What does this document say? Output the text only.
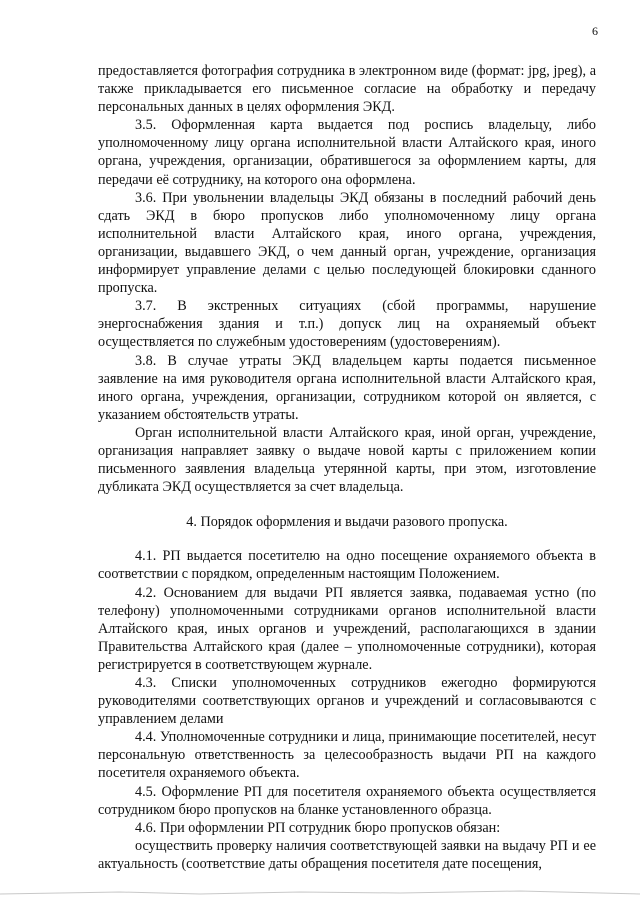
6

предоставляется фотография сотрудника в электронном виде (формат: jpg, jpeg), а также прикладывается его письменное согласие на обработку и передачу персональных данных в целях оформления ЭКД.

3.5. Оформленная карта выдается под роспись владельцу, либо уполномоченному лицу органа исполнительной власти Алтайского края, иного органа, учреждения, организации, обратившегося за оформлением карты, для передачи её сотруднику, на которого она оформлена.

3.6. При увольнении владельцы ЭКД обязаны в последний рабочий день сдать ЭКД в бюро пропусков либо уполномоченному лицу органа исполнительной власти Алтайского края, иного органа, учреждения, организации, выдавшего ЭКД, о чем данный орган, учреждение, организация информирует управление делами с целью последующей блокировки сданного пропуска.

3.7. В экстренных ситуациях (сбой программы, нарушение энергоснабжения здания и т.п.) допуск лиц на охраняемый объект осуществляется по служебным удостоверениям (удостоверениям).

3.8. В случае утраты ЭКД владельцем карты подается письменное заявление на имя руководителя органа исполнительной власти Алтайского края, иного органа, учреждения, организации, сотрудником которой он является, с указанием обстоятельств утраты.

Орган исполнительной власти Алтайского края, иной орган, учреждение, организация направляет заявку о выдаче новой карты с приложением копии письменного заявления владельца утерянной карты, при этом, изготовление дубликата ЭКД осуществляется за счет владельца.

4. Порядок оформления и выдачи разового пропуска.

4.1. РП выдается посетителю на одно посещение охраняемого объекта в соответствии с порядком, определенным настоящим Положением.

4.2. Основанием для выдачи РП является заявка, подаваемая устно (по телефону) уполномоченными сотрудниками органов исполнительной власти Алтайского края, иных органов и учреждений, располагающихся в здании Правительства Алтайского края (далее – уполномоченные сотрудники), которая регистрируется в соответствующем журнале.

4.3. Списки уполномоченных сотрудников ежегодно формируются руководителями соответствующих органов и учреждений и согласовываются с управлением делами

4.4. Уполномоченные сотрудники и лица, принимающие посетителей, несут персональную ответственность за целесообразность выдачи РП на каждого посетителя охраняемого объекта.

4.5. Оформление РП для посетителя охраняемого объекта осуществляется сотрудником бюро пропусков на бланке установленного образца.

4.6. При оформлении РП сотрудник бюро пропусков обязан:

осуществить проверку наличия соответствующей заявки на выдачу РП и ее актуальность (соответствие даты обращения посетителя дате посещения,
